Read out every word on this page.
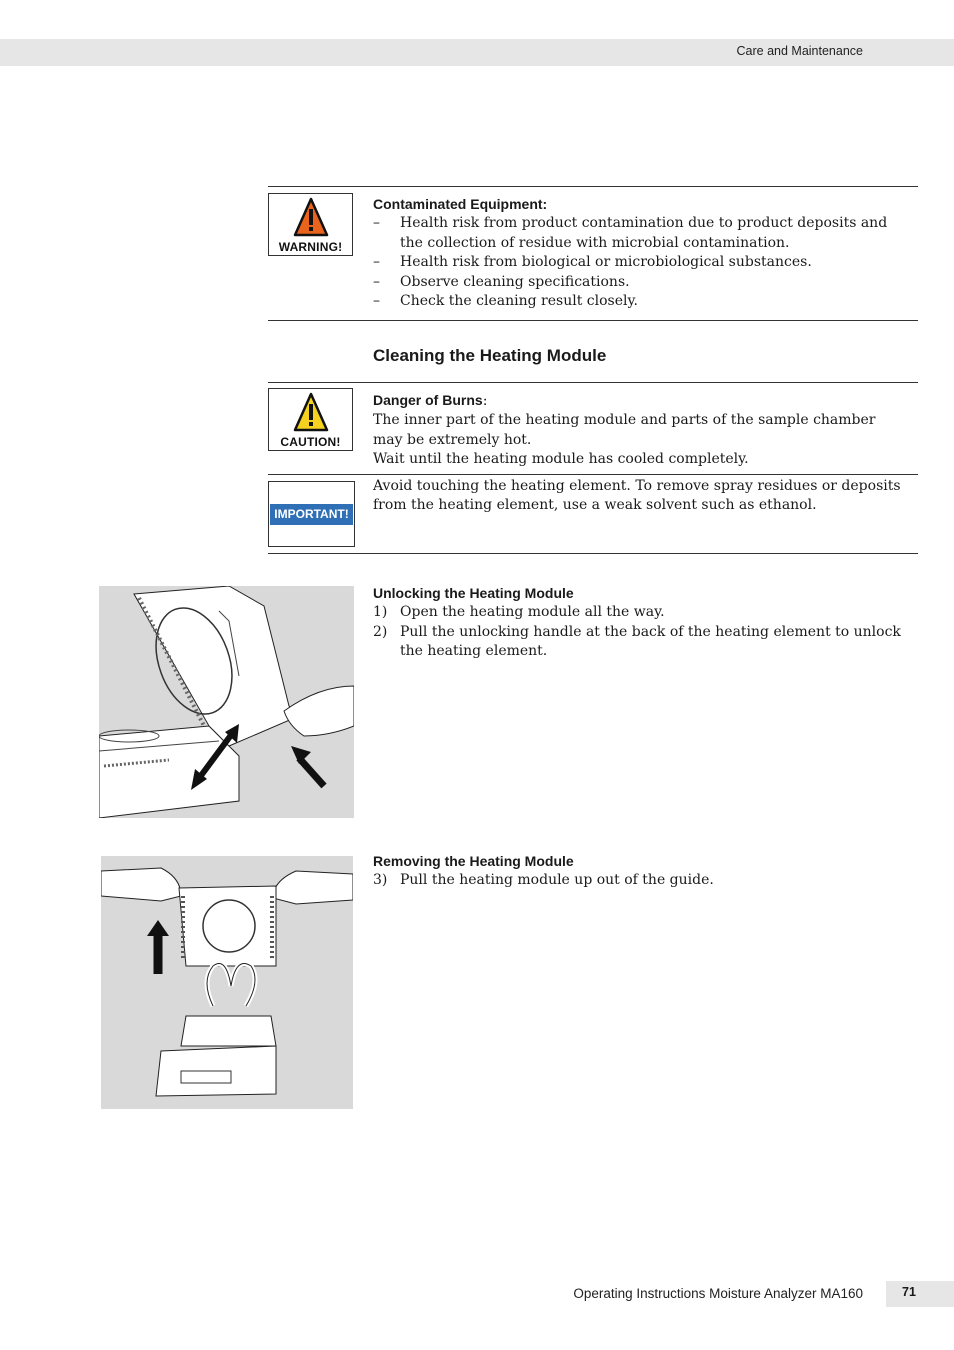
Care and Maintenance
WARNING!
Contaminated Equipment:
– Health risk from product contamination due to product deposits and the collection of residue with microbial contamination.
– Health risk from biological or microbiological substances.
– Observe cleaning specifications.
– Check the cleaning result closely.
Cleaning the Heating Module
CAUTION!
Danger of Burns:
The inner part of the heating module and parts of the sample chamber may be extremely hot.
Wait until the heating module has cooled completely.
IMPORTANT!
Avoid touching the heating element. To remove spray residues or deposits from the heating element, use a weak solvent such as ethanol.
Unlocking the Heating Module
1) Open the heating module all the way.
2) Pull the unlocking handle at the back of the heating element to unlock the heating element.
Removing the Heating Module
3) Pull the heating module up out of the guide.
Operating Instructions Moisture Analyzer MA160	71
